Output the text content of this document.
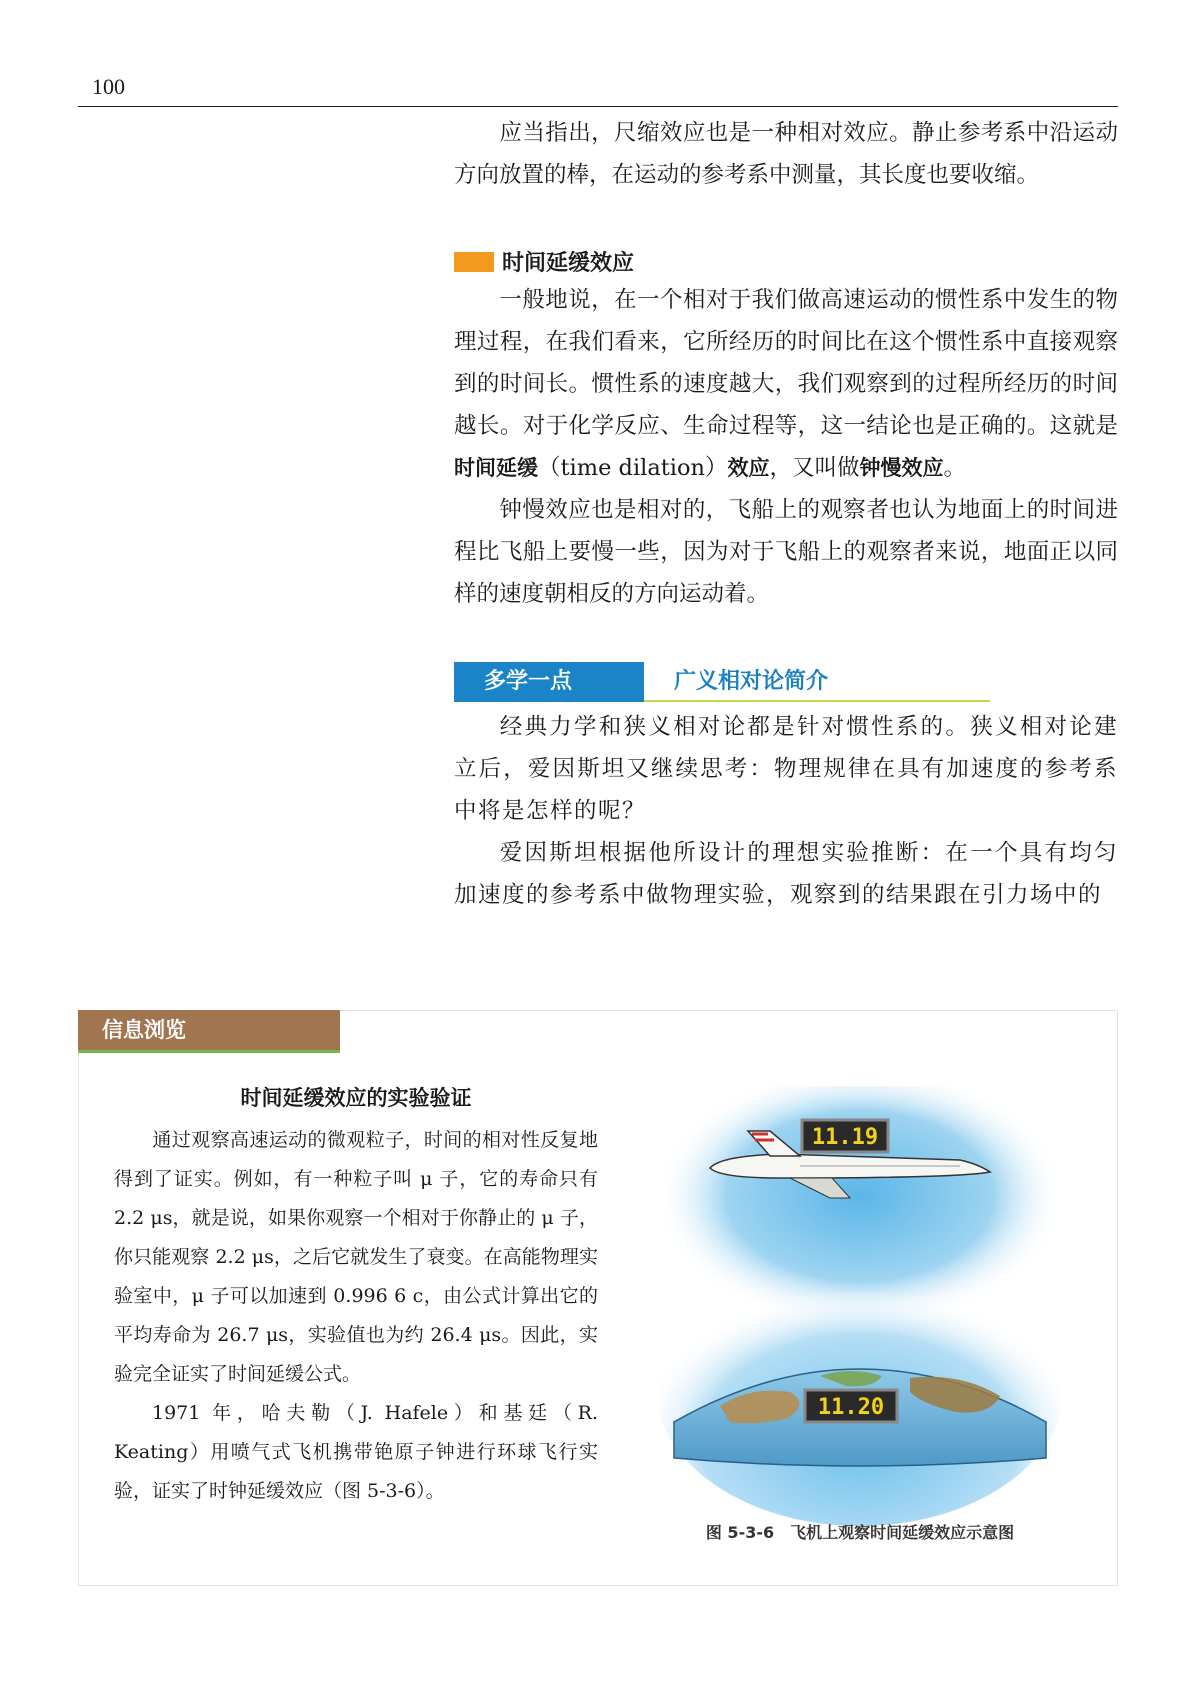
100

应当指出，尺缩效应也是一种相对效应。静止参考系中沿运动方向放置的棒，在运动的参考系中测量，其长度也要收缩。

时间延缓效应

一般地说，在一个相对于我们做高速运动的惯性系中发生的物理过程，在我们看来，它所经历的时间比在这个惯性系中直接观察到的时间长。惯性系的速度越大，我们观察到的过程所经历的时间越长。对于化学反应、生命过程等，这一结论也是正确的。这就是时间延缓（time dilation）效应，又叫做钟慢效应。

钟慢效应也是相对的，飞船上的观察者也认为地面上的时间进程比飞船上要慢一些，因为对于飞船上的观察者来说，地面正以同样的速度朝相反的方向运动着。

多学一点	广义相对论简介

经典力学和狭义相对论都是针对惯性系的。狭义相对论建立后，爱因斯坦又继续思考：物理规律在具有加速度的参考系中将是怎样的呢？

爱因斯坦根据他所设计的理想实验推断：在一个具有均匀加速度的参考系中做物理实验，观察到的结果跟在引力场中的

信息浏览
时间延缓效应的实验验证

通过观察高速运动的微观粒子，时间的相对性反复地得到了证实。例如，有一种粒子叫 μ 子，它的寿命只有 2.2 μs，就是说，如果你观察一个相对于你静止的 μ 子，你只能观察 2.2 μs，之后它就发生了衰变。在高能物理实验室中，μ 子可以加速到 0.996 6 c，由公式计算出它的平均寿命为 26.7 μs，实验值也为约 26.4 μs。因此，实验完全证实了时间延缓公式。

1971 年，哈夫勒（J. Hafele）和基廷（R. Keating）用喷气式飞机携带铯原子钟进行环球飞行实验，证实了时钟延缓效应（图 5-3-6）。

11.19
11.20
图 5-3-6　飞机上观察时间延缓效应示意图
